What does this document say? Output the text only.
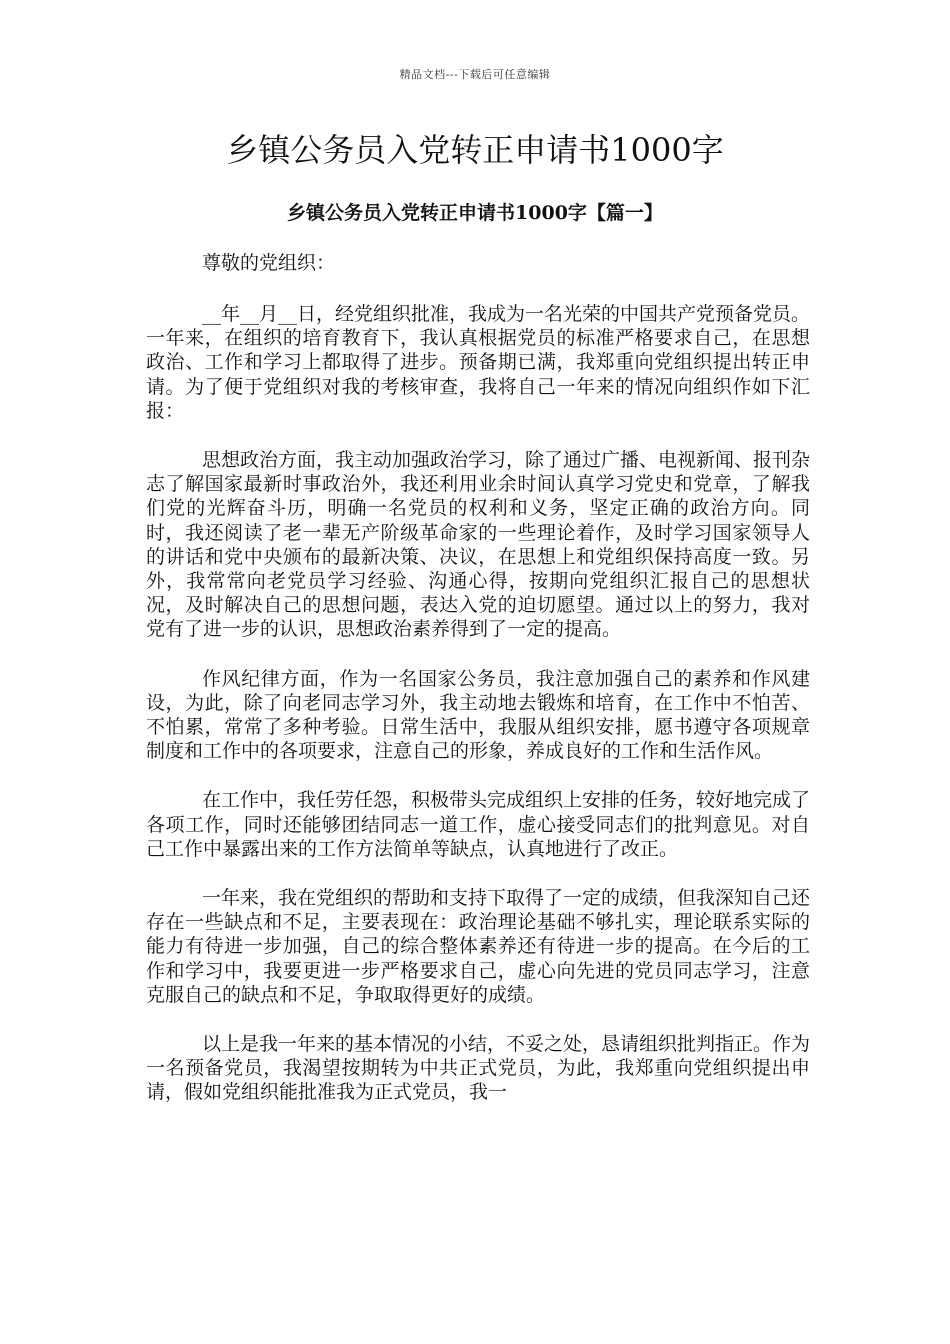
精品文档---下载后可任意编辑
乡镇公务员入党转正申请书1000字
乡镇公务员入党转正申请书1000字【篇一】

尊敬的党组织：

__年__月__日，经党组织批准，我成为一名光荣的中国共产党预备党员。一年来，在组织的培育教育下，我认真根据党员的标准严格要求自己，在思想政治、工作和学习上都取得了进步。预备期已满，我郑重向党组织提出转正申请。为了便于党组织对我的考核审查，我将自己一年来的情况向组织作如下汇报：

思想政治方面，我主动加强政治学习，除了通过广播、电视新闻、报刊杂志了解国家最新时事政治外，我还利用业余时间认真学习党史和党章，了解我们党的光辉奋斗历，明确一名党员的权利和义务，坚定正确的政治方向。同时，我还阅读了老一辈无产阶级革命家的一些理论着作，及时学习国家领导人的讲话和党中央颁布的最新决策、决议，在思想上和党组织保持高度一致。另外，我常常向老党员学习经验、沟通心得，按期向党组织汇报自己的思想状况，及时解决自己的思想问题，表达入党的迫切愿望。通过以上的努力，我对党有了进一步的认识，思想政治素养得到了一定的提高。

作风纪律方面，作为一名国家公务员，我注意加强自己的素养和作风建设，为此，除了向老同志学习外，我主动地去锻炼和培育，在工作中不怕苦、不怕累，常常了多种考验。日常生活中，我服从组织安排，愿书遵守各项规章制度和工作中的各项要求，注意自己的形象，养成良好的工作和生活作风。

在工作中，我任劳任怨，积极带头完成组织上安排的任务，较好地完成了各项工作，同时还能够团结同志一道工作，虚心接受同志们的批判意见。对自己工作中暴露出来的工作方法简单等缺点，认真地进行了改正。

一年来，我在党组织的帮助和支持下取得了一定的成绩，但我深知自己还存在一些缺点和不足，主要表现在：政治理论基础不够扎实，理论联系实际的能力有待进一步加强，自己的综合整体素养还有待进一步的提高。在今后的工作和学习中，我要更进一步严格要求自己，虚心向先进的党员同志学习，注意克服自己的缺点和不足，争取取得更好的成绩。

以上是我一年来的基本情况的小结，不妥之处，恳请组织批判指正。作为一名预备党员，我渴望按期转为中共正式党员，为此，我郑重向党组织提出申请，假如党组织能批准我为正式党员，我一
